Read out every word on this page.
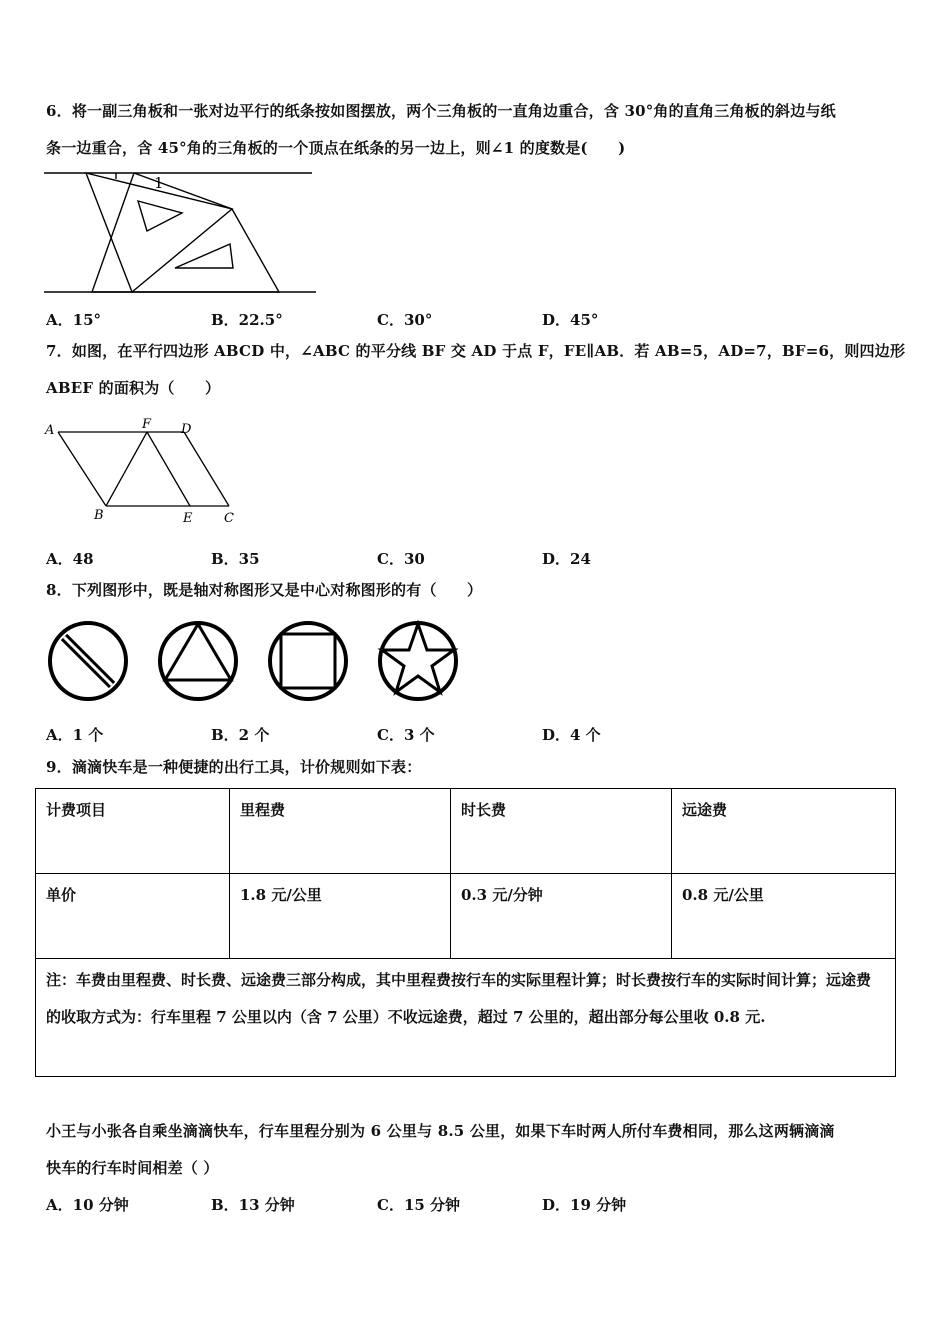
6．将一副三角板和一张对边平行的纸条按如图摆放，两个三角板的一直角边重合，含 30°角的直角三角板的斜边与纸
条一边重合，含 45°角的三角板的一个顶点在纸条的另一边上，则∠1 的度数是(　　)
1
A．15°	B．22.5°	C．30°	D．45°
7．如图，在平行四边形 ABCD 中，∠ABC 的平分线 BF 交 AD 于点 F，FE∥AB．若 AB=5，AD=7，BF=6，则四边形
ABEF 的面积为（　　）
A	F D
B	E C
A．48	B．35	C．30	D．24
8．下列图形中，既是轴对称图形又是中心对称图形的有（　　）
A．1 个	B．2 个	C．3 个	D．4 个
9．滴滴快车是一种便捷的出行工具，计价规则如下表：
计费项目	里程费	时长费	远途费
单价	1.8 元/公里	0.3 元/分钟	0.8 元/公里
注：车费由里程费、时长费、远途费三部分构成，其中里程费按行车的实际里程计算；时长费按行车的实际时间计算；远途费的收取方式为：行车里程 7 公里以内（含 7 公里）不收远途费，超过 7 公里的，超出部分每公里收 0.8 元.			
小王与小张各自乘坐滴滴快车，行车里程分别为 6 公里与 8.5 公里，如果下车时两人所付车费相同，那么这两辆滴滴
快车的行车时间相差（ ）
A．10 分钟	B．13 分钟	C．15 分钟	D．19 分钟
